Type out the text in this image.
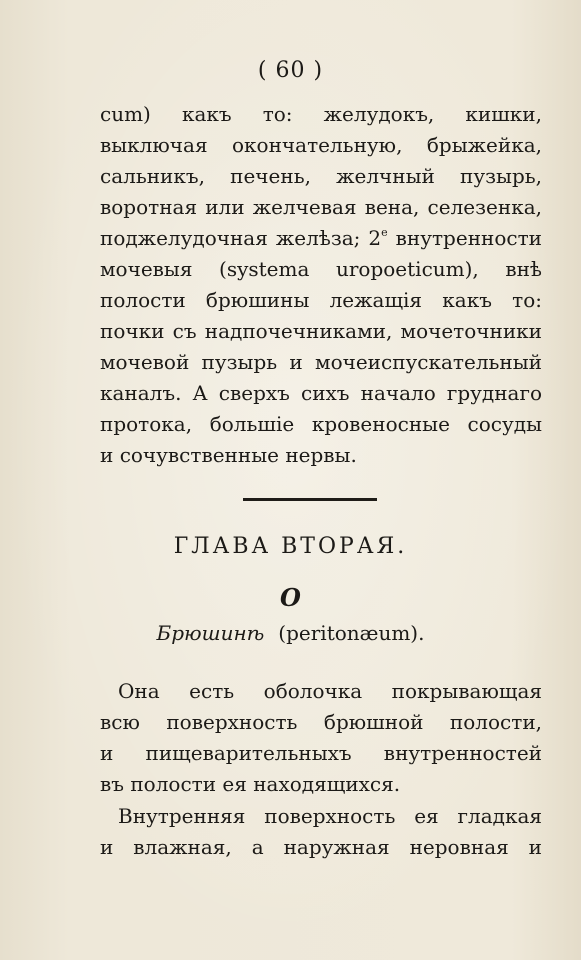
( 60 )
cum) какъ то: желудокъ, кишки,
выключая окончательную, брыжейка,
сальникъ, печень, желчный пузырь,
воротная или желчевая вена, селезенка,
поджелудочная желѣза; $2^е$ внутренности
мочевыя (systema uropoeticum), внѣ
полости брюшины лежащія какъ то:
почки съ надпочечниками, мочеточники
мочевой пузырь и мочеиспускательный
каналъ. А сверхъ сихъ начало груднаго
протока, большіе кровеносные сосуды
и сочувственные нервы.
ГЛАВА ВТОРАЯ.
О
Брюшинѣ (peritonæum).
Она есть оболочка покрывающая
всю поверхность брюшной полости,
и пищеварительныхъ внутренностей
въ полости ея находящихся.
Внутренняя поверхность ея гладкая
и влажная, а наружная неровная и
